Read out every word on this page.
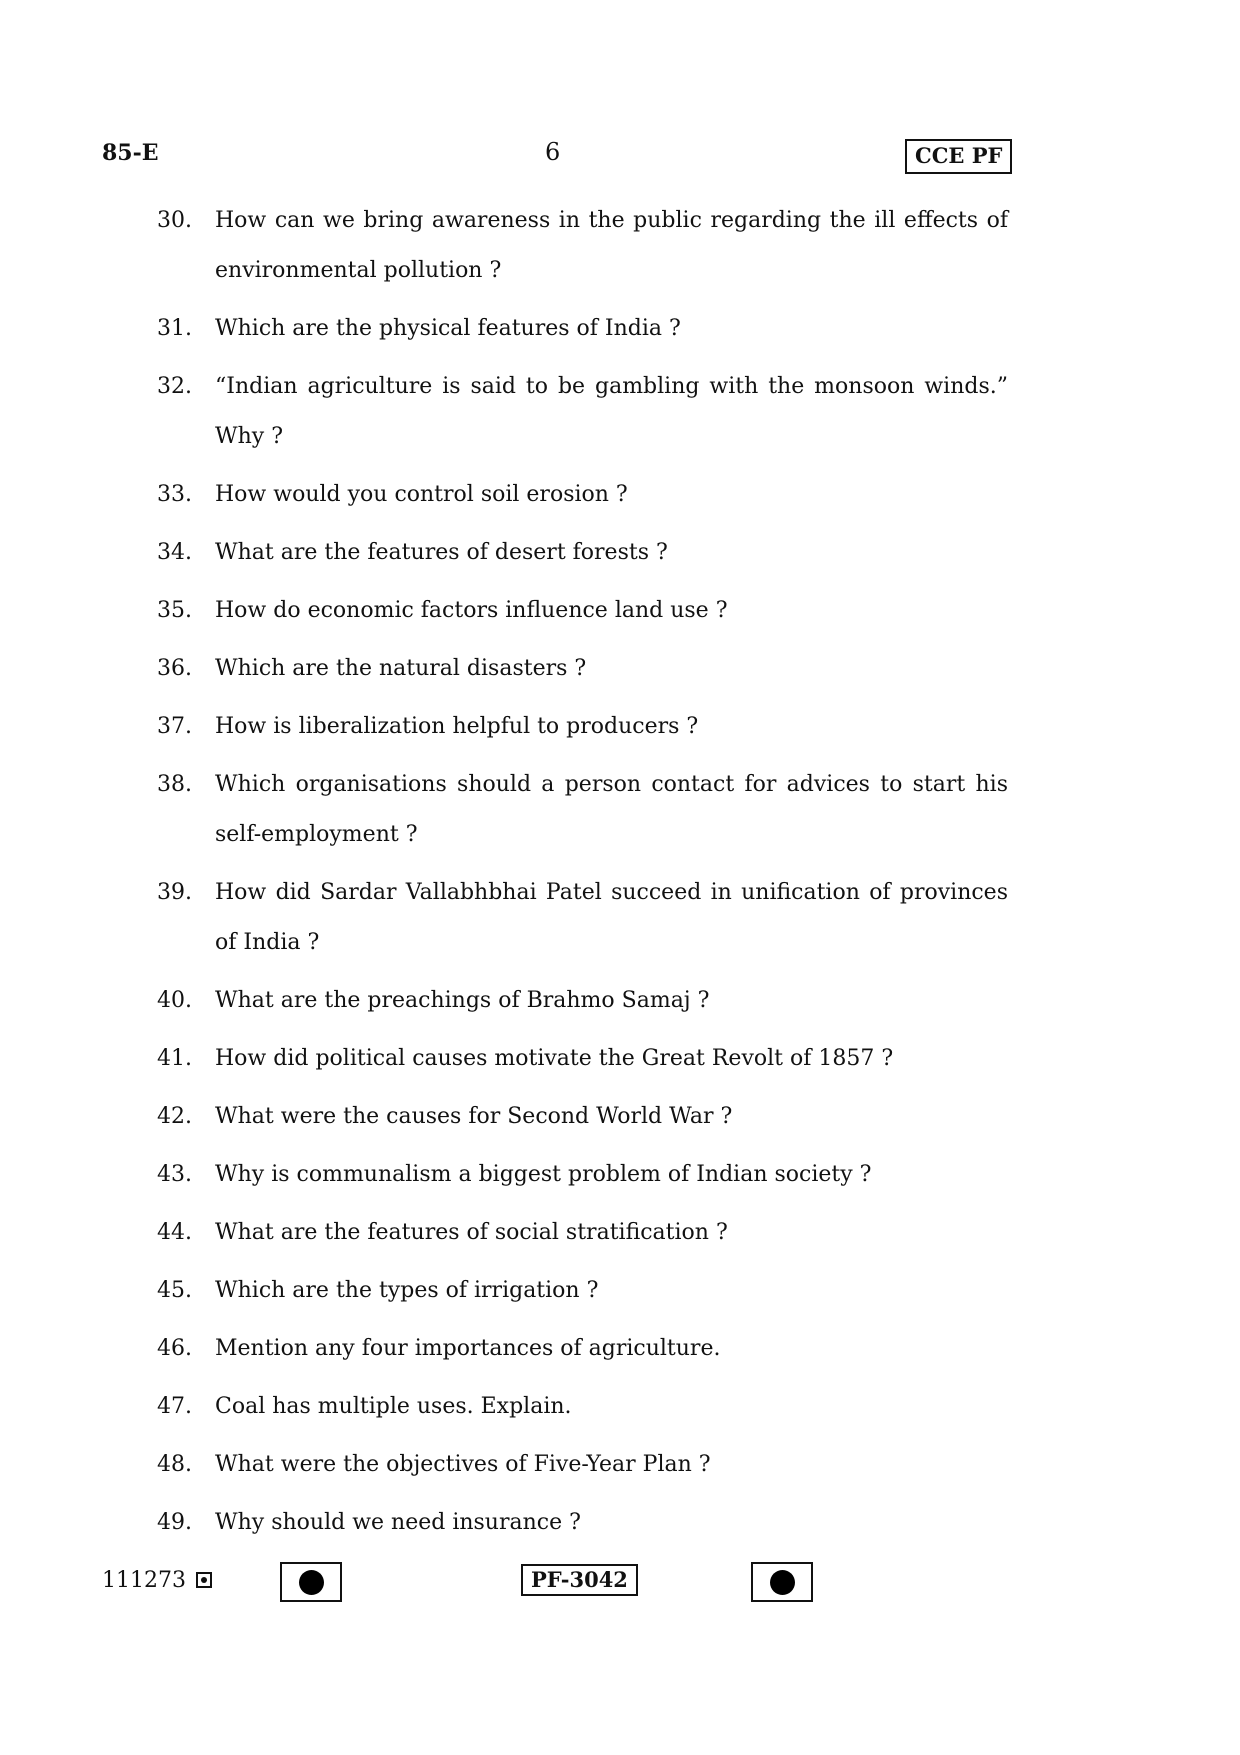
85-E	6	CCE PF
30. How can we bring awareness in the public regarding the ill effects of environmental pollution ?
31. Which are the physical features of India ?
32. “Indian agriculture is said to be gambling with the monsoon winds.” Why ?
33. How would you control soil erosion ?
34. What are the features of desert forests ?
35. How do economic factors influence land use ?
36. Which are the natural disasters ?
37. How is liberalization helpful to producers ?
38. Which organisations should a person contact for advices to start his self-employment ?
39. How did Sardar Vallabhbhai Patel succeed in unification of provinces of India ?
40. What are the preachings of Brahmo Samaj ?
41. How did political causes motivate the Great Revolt of 1857 ?
42. What were the causes for Second World War ?
43. Why is communalism a biggest problem of Indian society ?
44. What are the features of social stratification ?
45. Which are the types of irrigation ?
46. Mention any four importances of agriculture.
47. Coal has multiple uses. Explain.
48. What were the objectives of Five-Year Plan ?
49. Why should we need insurance ?
111273	PF-3042
